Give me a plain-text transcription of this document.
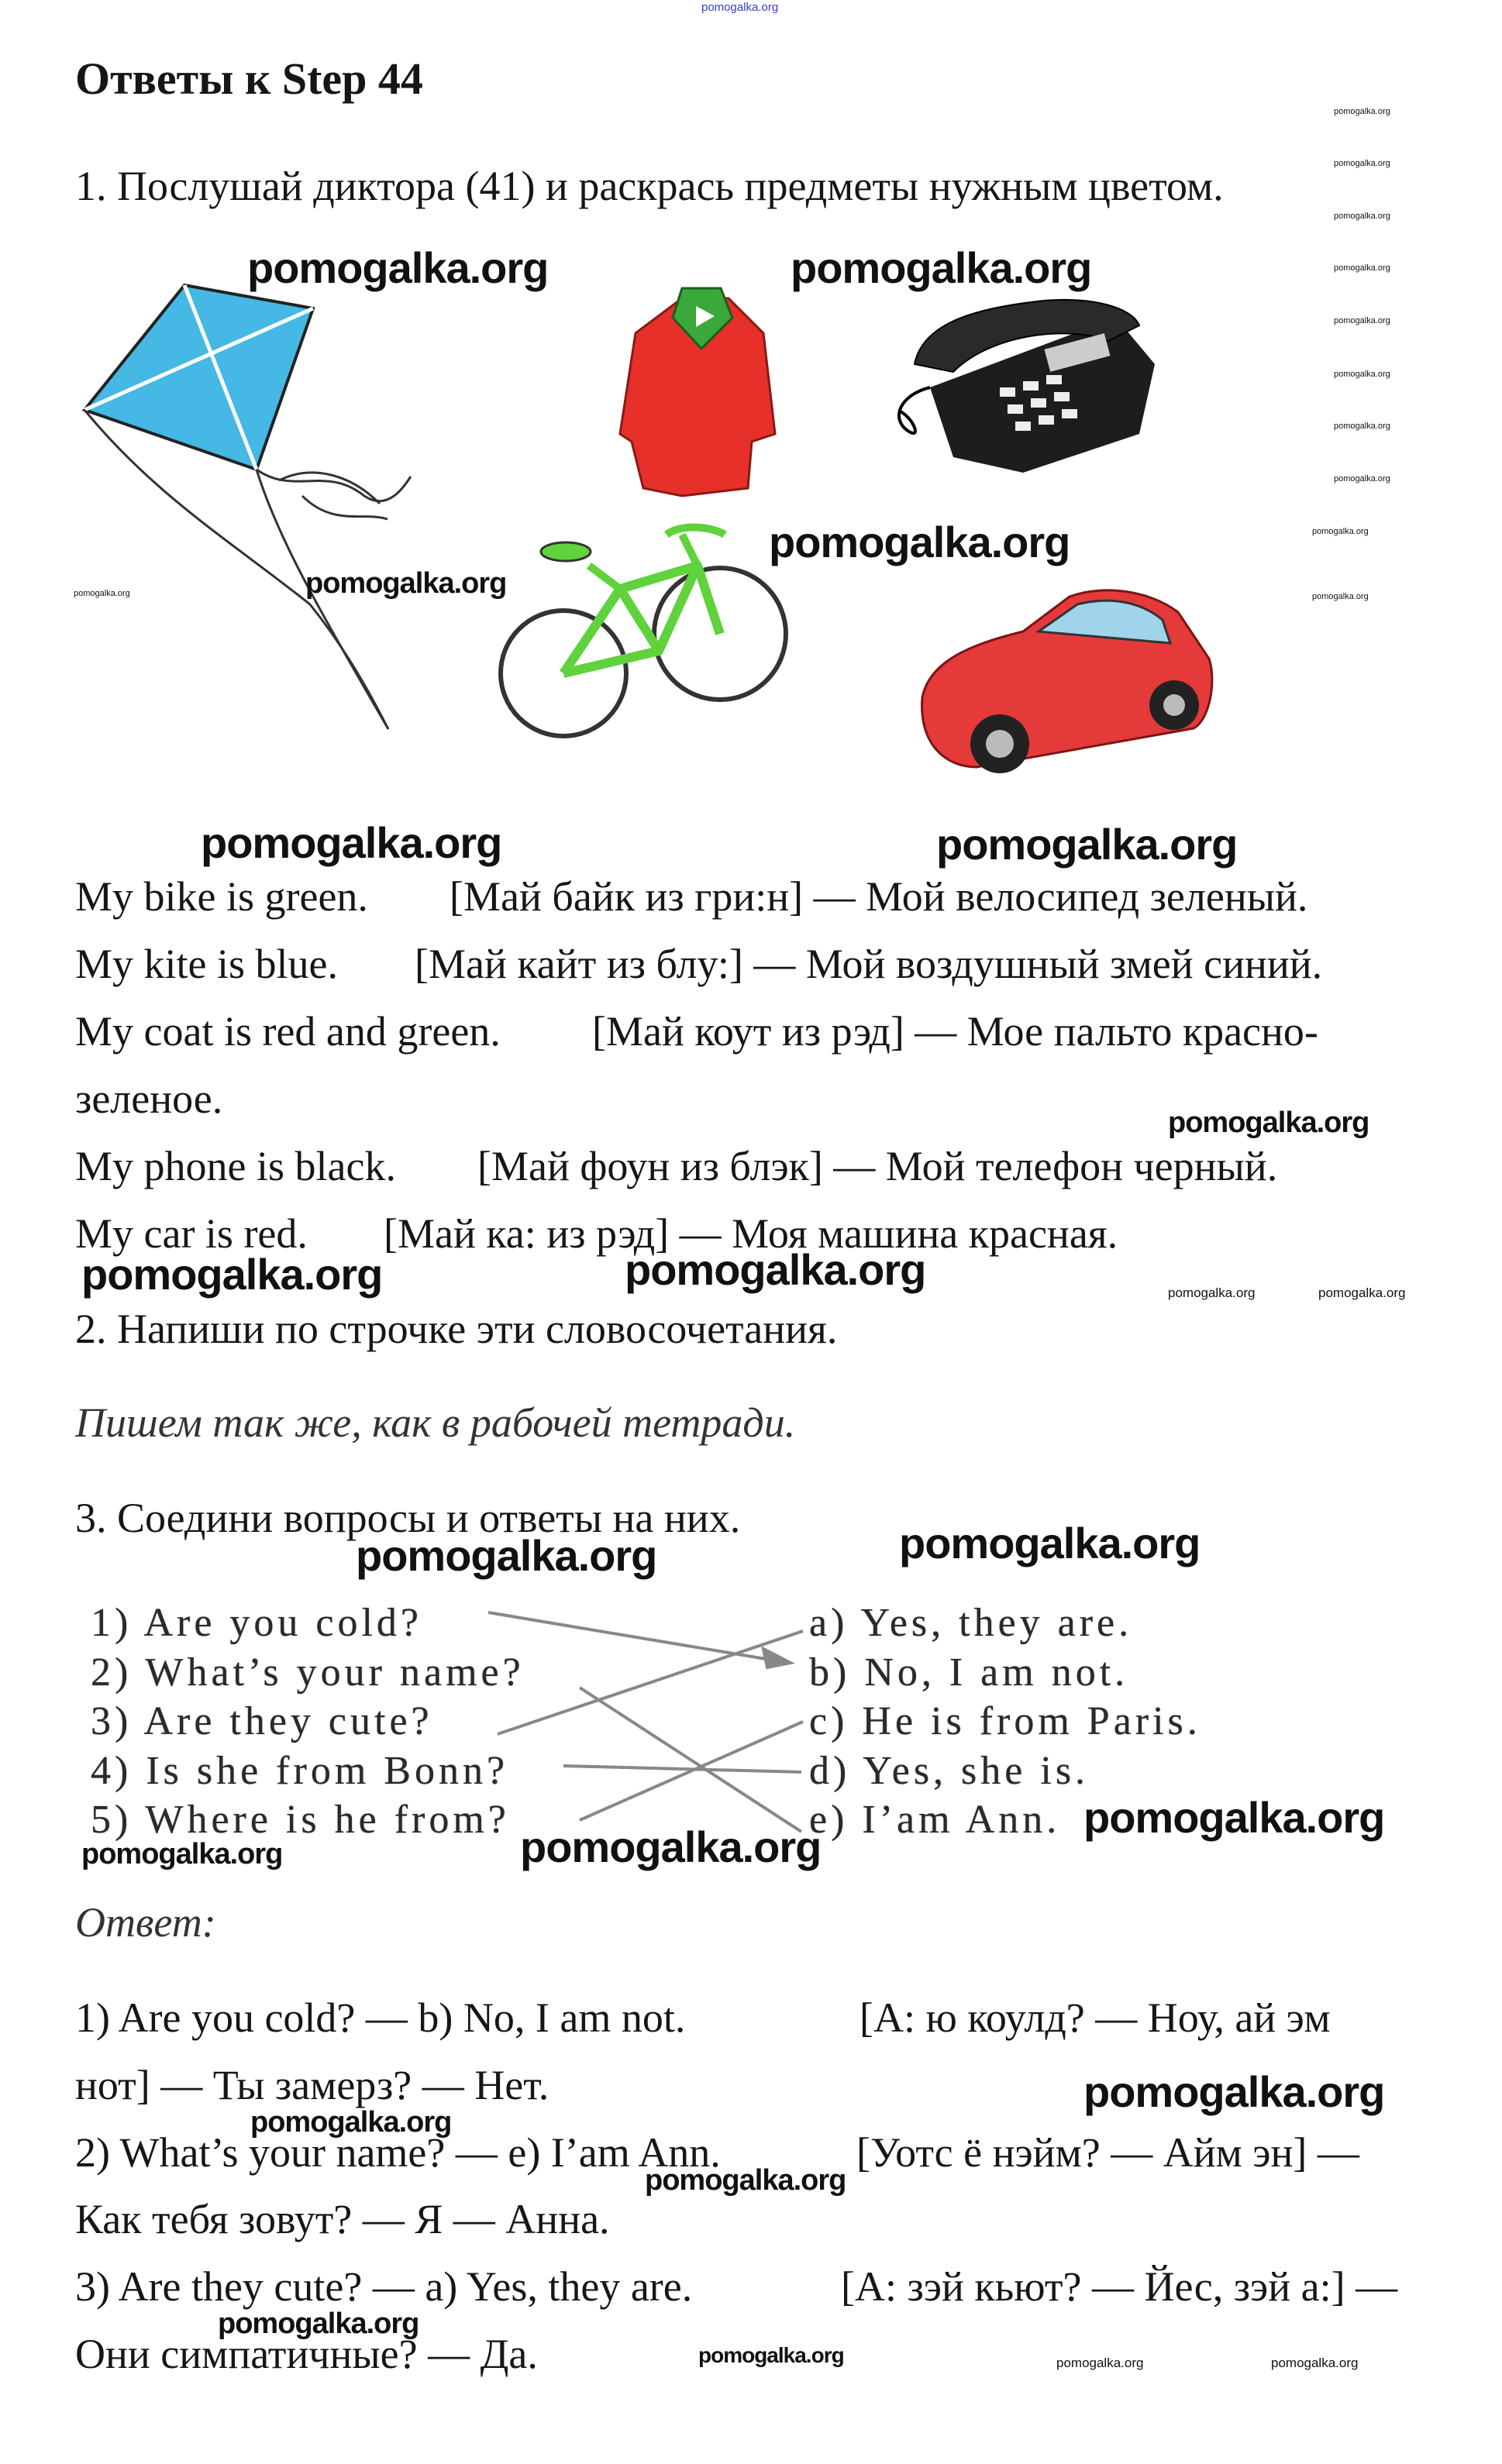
Ответы к Step 44
1. Послушай диктора (41) и раскрась предметы нужным цветом.
My bike is green. [Май байк из гри:н] — Мой велосипед зеленый.
My kite is blue. [Май кайт из блу:] — Мой воздушный змей синий.
My coat is red and green. [Май коут из рэд] — Мое пальто красно-
зеленое.
My phone is black. [Май фоун из блэк] — Мой телефон черный.
My car is red. [Май ка: из рэд] — Моя машина красная.
2. Напиши по строчке эти словосочетания.
Пишем так же, как в рабочей тетради.
3. Соедини вопросы и ответы на них.
1) Are you cold?
2) What’s your name?
3) Are they cute?
4) Is she from Bonn?
5) Where is he from?
a) Yes, they are.
b) No, I am not.
c) He is from Paris.
d) Yes, she is.
e) I’am Ann.
Ответ:
1) Are you cold? — b) No, I am not.	[А: ю коулд? — Ноу, ай эм
нот] — Ты замерз? — Нет.
2) What’s your name? — e) I’am Ann.	[Уотс ё нэйм? — Айм эн] —
Как тебя зовут? — Я — Анна.
3) Are they cute? — a) Yes, they are.	[А: зэй кьют? — Йес, зэй а:] —
Они симпатичные? — Да.
pomogalka.org
pomogalka.org	pomogalka.org
pomogalka.org
pomogalka.org	pomogalka.org
pomogalka.org	pomogalka.org
pomogalka.org	pomogalka.org
pomogalka.org
pomogalka.org
pomogalka.org
pomogalka.org
pomogalka.org
pomogalka.org
pomogalka.org
pomogalka.org
pomogalka.org
pomogalka.org	pomogalka.org	pomogalka.org
pomogalka.org	pomogalka.org
pomogalka.org
pomogalka.org
pomogalka.org
pomogalka.org
pomogalka.org
pomogalka.org
pomogalka.org
pomogalka.org
pomogalka.org
pomogalka.org
pomogalka.org
